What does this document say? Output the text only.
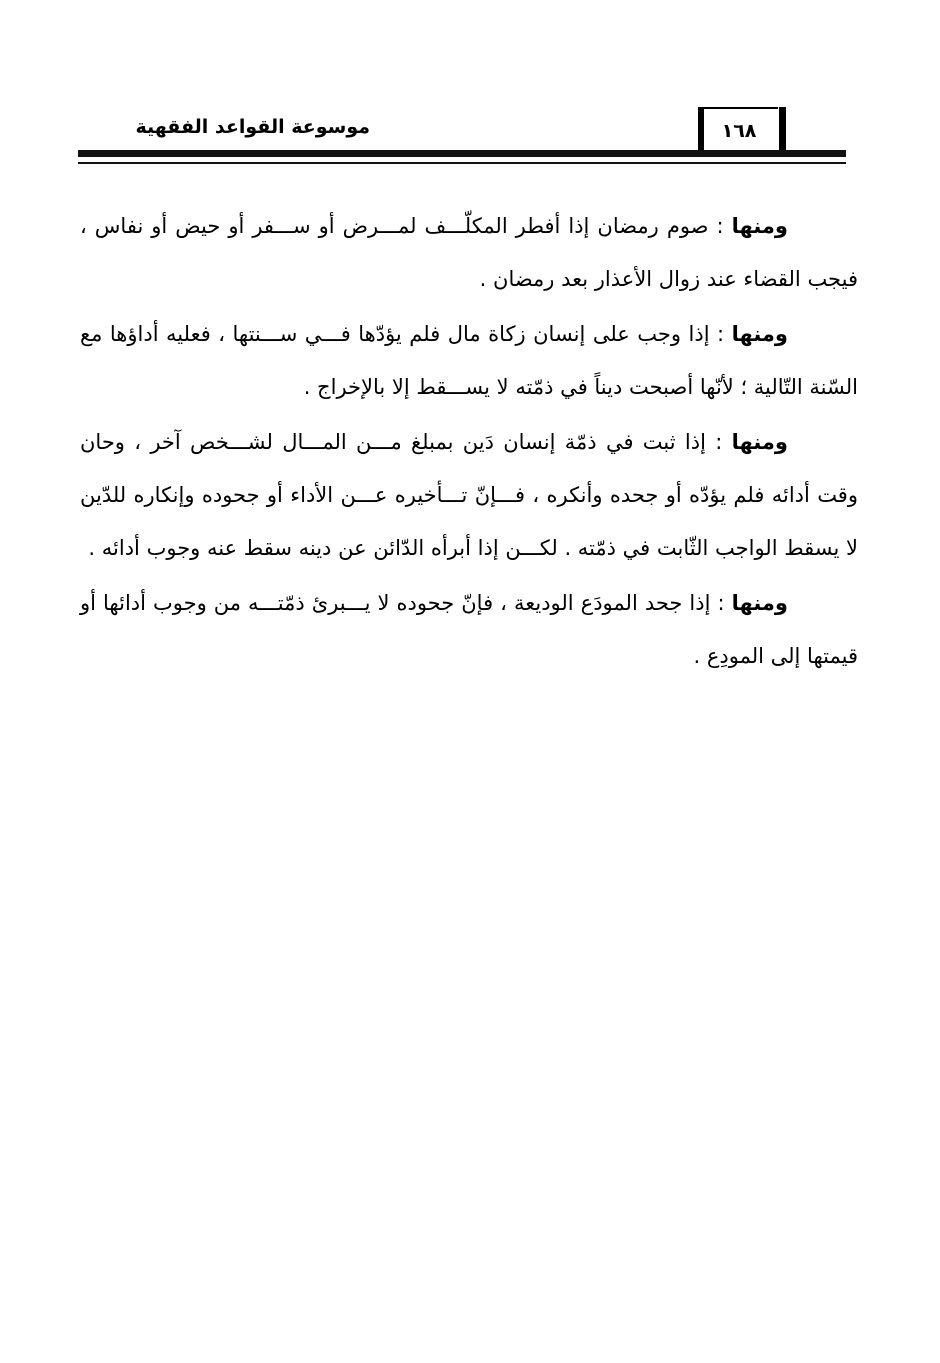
١٦٨
موسوعة القواعد الفقهية

ومنها : صوم رمضان إذا أفطر المكلّـــف لمـــرض أو ســـفر أو حيض أو نفاس ، فيجب القضاء عند زوال الأعذار بعد رمضان .

ومنها : إذا وجب على إنسان زكاة مال فلم يؤدّها فـــي ســـنتها ، فعليه أداؤها مع السّنة التّالية ؛ لأنّها أصبحت ديناً في ذمّته لا يســـقط إلا بالإخراج .

ومنها : إذا ثبت في ذمّة إنسان دَين بمبلغ مـــن المـــال لشـــخص آخر ، وحان وقت أدائه فلم يؤدّه أو جحده وأنكره ، فـــإنّ تـــأخيره عـــن الأداء أو جحوده وإنكاره للدّين لا يسقط الواجب الثّابت في ذمّته . لكـــن إذا أبرأه الدّائن عن دينه سقط عنه وجوب أدائه .

ومنها : إذا جحد المودَع الوديعة ، فإنّ جحوده لا يـــبرئ ذمّتـــه من وجوب أدائها أو قيمتها إلى المودِع .
